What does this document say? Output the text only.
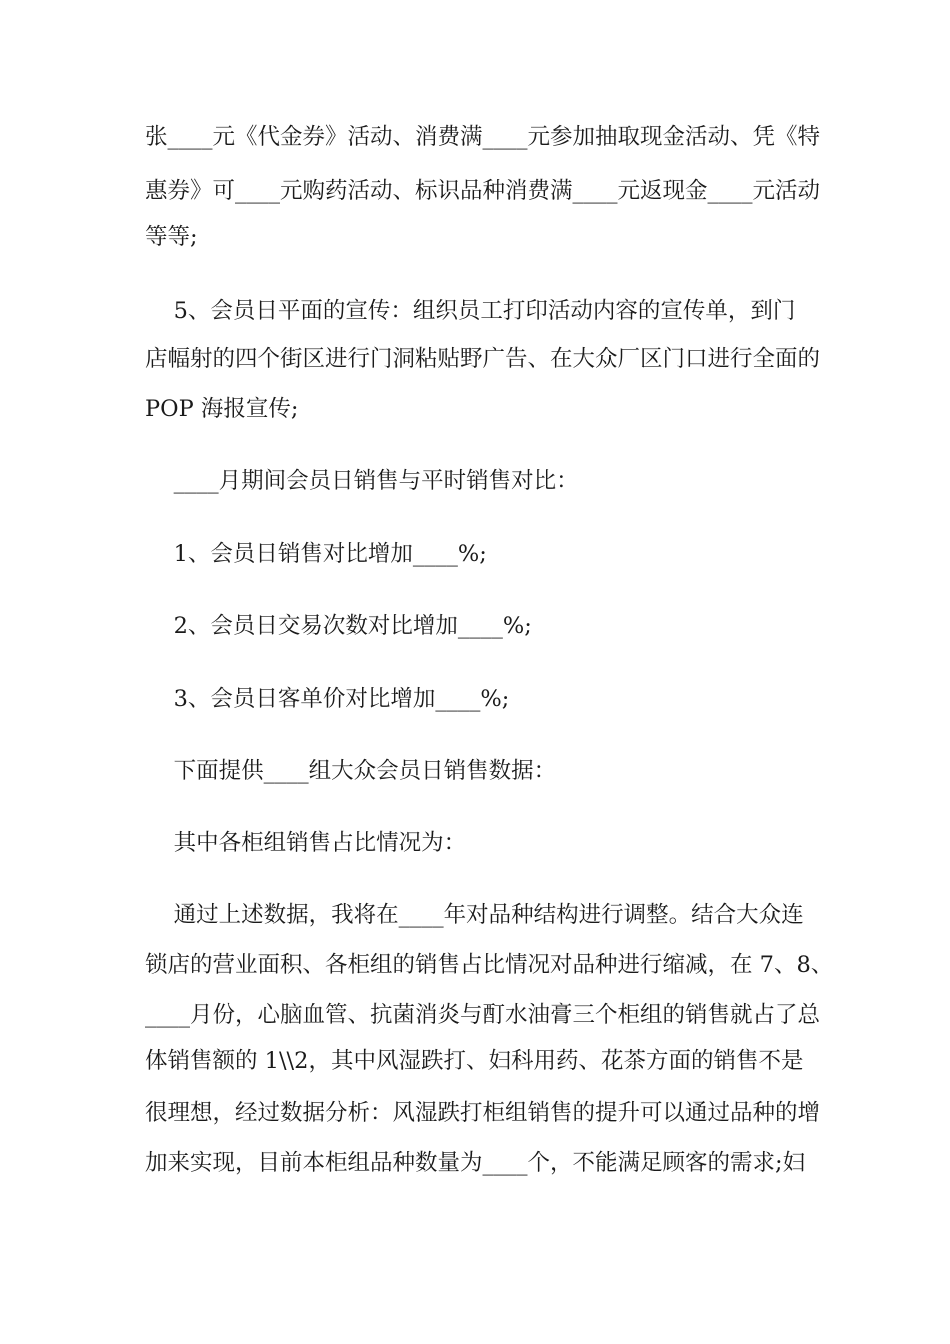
张____元《代金券》活动、消费满____元参加抽取现金活动、凭《特
惠券》可____元购药活动、标识品种消费满____元返现金____元活动
等等;
5、会员日平面的宣传：组织员工打印活动内容的宣传单，到门
店幅射的四个街区进行门洞粘贴野广告、在大众厂区门口进行全面的
POP 海报宣传;
____月期间会员日销售与平时销售对比：
1、会员日销售对比增加____%;
2、会员日交易次数对比增加____%;
3、会员日客单价对比增加____%;
下面提供____组大众会员日销售数据：
其中各柜组销售占比情况为：
通过上述数据，我将在____年对品种结构进行调整。结合大众连
锁店的营业面积、各柜组的销售占比情况对品种进行缩减，在 7、8、
____月份，心脑血管、抗菌消炎与酊水油膏三个柜组的销售就占了总
体销售额的 1\\2，其中风湿跌打、妇科用药、花茶方面的销售不是
很理想，经过数据分析：风湿跌打柜组销售的提升可以通过品种的增
加来实现，目前本柜组品种数量为____个，不能满足顾客的需求;妇
